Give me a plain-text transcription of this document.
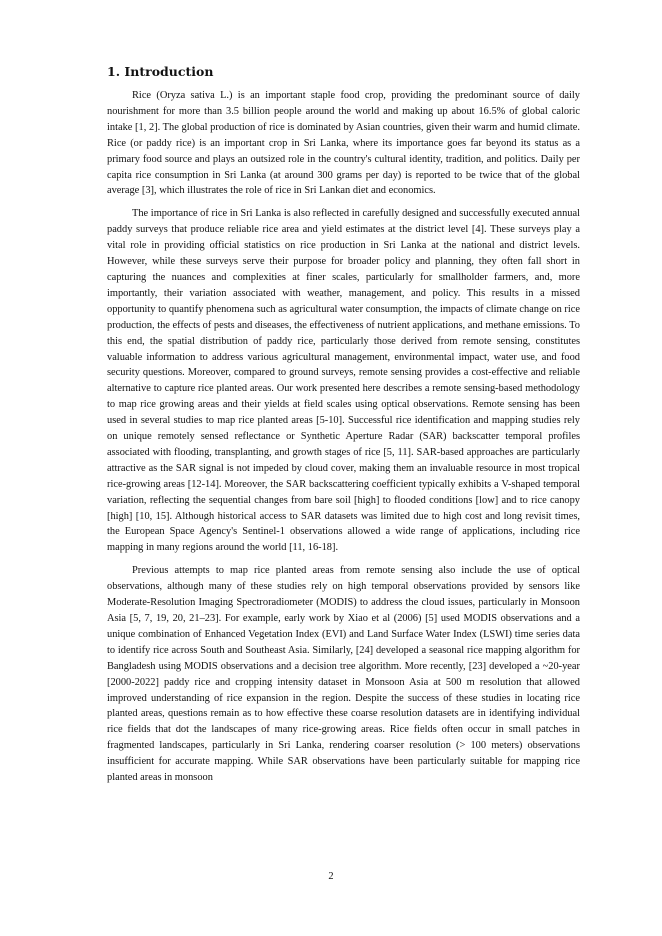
1. Introduction

Rice (Oryza sativa L.) is an important staple food crop, providing the predominant source of daily nourishment for more than 3.5 billion people around the world and making up about 16.5% of global caloric intake [1, 2]. The global production of rice is dominated by Asian countries, given their warm and humid climate. Rice (or paddy rice) is an important crop in Sri Lanka, where its importance goes far beyond its status as a primary food source and plays an outsized role in the country's cultural identity, tradition, and politics. Daily per capita rice consumption in Sri Lanka (at around 300 grams per day) is reported to be twice that of the global average [3], which illustrates the role of rice in Sri Lankan diet and economics.

The importance of rice in Sri Lanka is also reflected in carefully designed and successfully executed annual paddy surveys that produce reliable rice area and yield estimates at the district level [4]. These surveys play a vital role in providing official statistics on rice production in Sri Lanka at the national and district levels. However, while these surveys serve their purpose for broader policy and planning, they often fall short in capturing the nuances and complexities at finer scales, particularly for smallholder farmers, and, more importantly, their variation associated with weather, management, and policy. This results in a missed opportunity to quantify phenomena such as agricultural water consumption, the impacts of climate change on rice production, the effects of pests and diseases, the effectiveness of nutrient applications, and methane emissions. To this end, the spatial distribution of paddy rice, particularly those derived from remote sensing, constitutes valuable information to address various agricultural management, environmental impact, water use, and food security questions. Moreover, compared to ground surveys, remote sensing provides a cost-effective and reliable alternative to capture rice planted areas. Our work presented here describes a remote sensing-based methodology to map rice growing areas and their yields at field scales using optical observations. Remote sensing has been used in several studies to map rice planted areas [5-10]. Successful rice identification and mapping studies rely on unique remotely sensed reflectance or Synthetic Aperture Radar (SAR) backscatter temporal profiles associated with flooding, transplanting, and growth stages of rice [5, 11]. SAR-based approaches are particularly attractive as the SAR signal is not impeded by cloud cover, making them an invaluable resource in most tropical rice-growing areas [12-14]. Moreover, the SAR backscattering coefficient typically exhibits a V-shaped temporal variation, reflecting the sequential changes from bare soil [high] to flooded conditions [low] and to rice canopy [high] [10, 15]. Although historical access to SAR datasets was limited due to high cost and long revisit times, the European Space Agency's Sentinel-1 observations allowed a wide range of applications, including rice mapping in many regions around the world [11, 16-18].

Previous attempts to map rice planted areas from remote sensing also include the use of optical observations, although many of these studies rely on high temporal observations provided by sensors like Moderate-Resolution Imaging Spectroradiometer (MODIS) to address the cloud issues, particularly in Monsoon Asia [5, 7, 19, 20, 21–23]. For example, early work by Xiao et al (2006) [5] used MODIS observations and a unique combination of Enhanced Vegetation Index (EVI) and Land Surface Water Index (LSWI) time series data to identify rice across South and Southeast Asia. Similarly, [24] developed a seasonal rice mapping algorithm for Bangladesh using MODIS observations and a decision tree algorithm. More recently, [23] developed a ~20-year [2000-2022] paddy rice and cropping intensity dataset in Monsoon Asia at 500 m resolution that allowed improved understanding of rice expansion in the region. Despite the success of these studies in locating rice planted areas, questions remain as to how effective these coarse resolution datasets are in identifying individual rice fields that dot the landscapes of many rice-growing areas. Rice fields often occur in small patches in fragmented landscapes, particularly in Sri Lanka, rendering coarser resolution (> 100 meters) observations insufficient for accurate mapping. While SAR observations have been particularly suitable for mapping rice planted areas in monsoon

2
